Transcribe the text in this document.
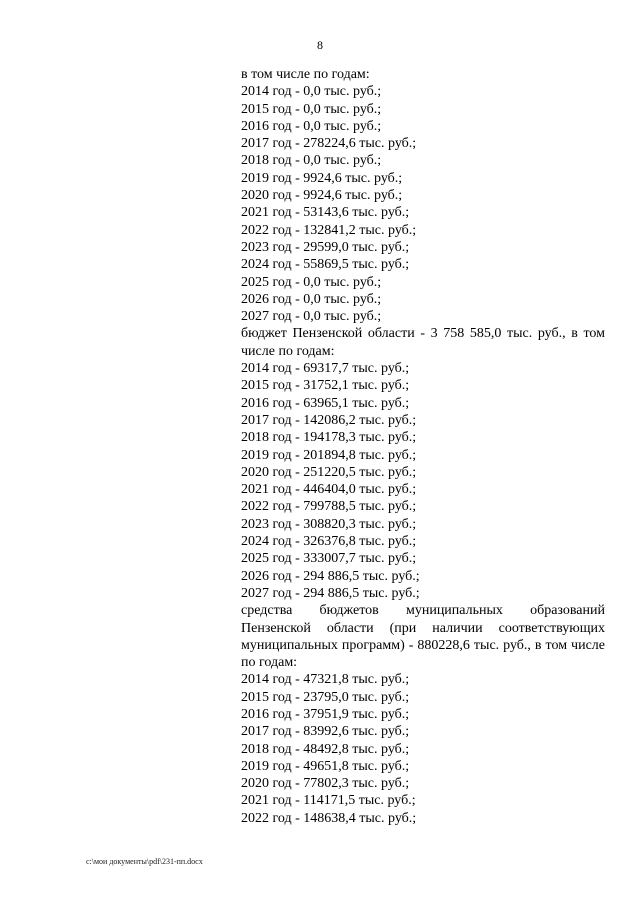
8
в том числе по годам:
2014 год - 0,0 тыс. руб.;
2015 год - 0,0 тыс. руб.;
2016 год - 0,0 тыс. руб.;
2017 год - 278224,6 тыс. руб.;
2018 год - 0,0 тыс. руб.;
2019 год - 9924,6 тыс. руб.;
2020 год - 9924,6 тыс. руб.;
2021 год - 53143,6 тыс. руб.;
2022 год - 132841,2 тыс. руб.;
2023 год - 29599,0 тыс. руб.;
2024 год - 55869,5 тыс. руб.;
2025 год - 0,0 тыс. руб.;
2026 год - 0,0 тыс. руб.;
2027 год - 0,0 тыс. руб.;
бюджет Пензенской области - 3 758 585,0 тыс. руб., в том числе по годам:
2014 год - 69317,7 тыс. руб.;
2015 год - 31752,1 тыс. руб.;
2016 год - 63965,1 тыс. руб.;
2017 год - 142086,2 тыс. руб.;
2018 год - 194178,3 тыс. руб.;
2019 год - 201894,8 тыс. руб.;
2020 год - 251220,5 тыс. руб.;
2021 год - 446404,0 тыс. руб.;
2022 год - 799788,5 тыс. руб.;
2023 год - 308820,3 тыс. руб.;
2024 год - 326376,8 тыс. руб.;
2025 год - 333007,7 тыс. руб.;
2026 год - 294 886,5 тыс. руб.;
2027 год - 294 886,5 тыс. руб.;
средства бюджетов муниципальных образований Пензенской области (при наличии соответствующих муниципальных программ) - 880228,6 тыс. руб., в том числе по годам:
2014 год - 47321,8 тыс. руб.;
2015 год - 23795,0 тыс. руб.;
2016 год - 37951,9 тыс. руб.;
2017 год - 83992,6 тыс. руб.;
2018 год - 48492,8 тыс. руб.;
2019 год - 49651,8 тыс. руб.;
2020 год - 77802,3 тыс. руб.;
2021 год - 114171,5 тыс. руб.;
2022 год - 148638,4 тыс. руб.;
c:\мои документы\pdf\231-пп.docx
